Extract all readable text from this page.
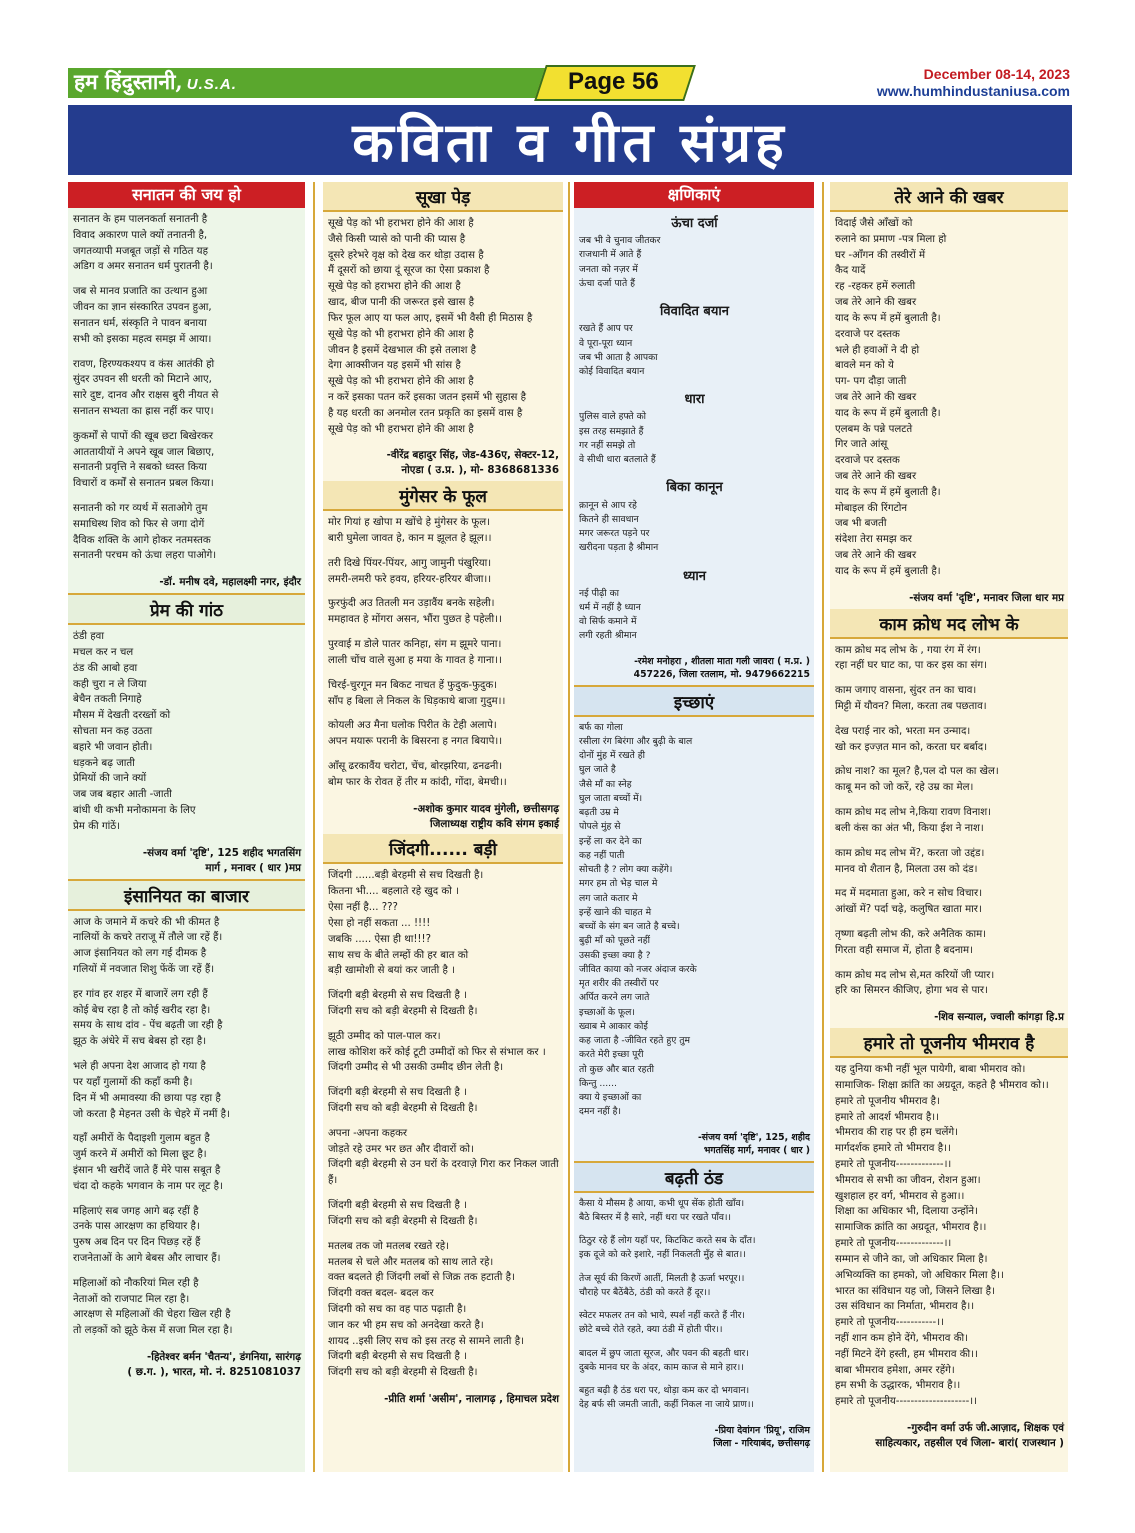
हम हिंदुस्तानी, U.S.A.	Page 56	December 08-14, 2023
www.humhindustaniusa.com
कविता व गीत संग्रह
सनातन की जय हो
सनातन के हम पालनकर्ता सनातनी है
विवाद अकारण पाले क्यों तनातनी है,
जगतव्यापी मजबूत जड़ों से गठित यह
अडिग व अमर सनातन धर्म पुरातनी है।
जब से मानव प्रजाति का उत्थान हुआ
जीवन का ज्ञान संस्कारित उपवन हुआ,
सनातन धर्म, संस्कृति ने पावन बनाया
सभी को इसका महत्व समझ में आया।
रावण, हिरण्यकश्यप व कंस आतंकी हो
सुंदर उपवन सी धरती को मिटाने आए,
सारे दुष्ट, दानव और राक्षस बुरी नीयत से
सनातन सभ्यता का ह्रास नहीं कर पाए।
कुकर्मों से पापों की खूब छटा बिखेरकर
आततायीयों ने अपने खूब जाल बिछाए,
सनातनी प्रवृत्ति ने सबको ध्वस्त किया
विचारों व कर्मों से सनातन प्रबल किया।
सनातनी को गर व्यर्थ में सताओगे तुम
समाधिस्थ शिव को फिर से जगा दोगें
दैविक शक्ति के आगे होकर नतमस्तक
सनातनी परचम को ऊंचा लहरा पाओगे।
-डॉ. मनीष दवे, महालक्ष्मी नगर, इंदौर
प्रेम की गांठ
ठंडी हवा
मचल कर न चल
ठंड की आबो हवा
कही चुरा न ले जिया
बेचैन तकती निगाहे
मौसम में देखती दरख्तों को
सोचता मन कह उठता
बहारे भी जवान होती।
धड़कने बढ़ जाती
प्रेमियों की जाने क्यों
जब जब बहार आती -जाती
बांधी थी कभी मनोकामना के लिए
प्रेम की गांठें।
-संजय वर्मा 'दृष्टि', 125 शहीद भगतसिंग
मार्ग , मनावर ( धार )मप्र
इंसानियत का बाजार
आज के जमाने में कचरे की भी कीमत है
नालियों के कचरे तराजू में तौले जा रहें हैं।
आज इंसानियत को लग गई दीमक है
गलियों में नवजात शिशु फेंकें जा रहें हैं।
हर गांव हर शहर में बाजारें लग रही हैं
कोई बेच रहा है तो कोई खरीद रहा है।
समय के साथ दांव - पेंच बढ़ती जा रही है
झूठ के अंधेरे में सच बेबस हो रहा है।
भले ही अपना देश आजाद हो गया है
पर यहाँ गुलामों की कहाँ कमी है।
दिन में भी अमावस्या की छाया पड़ रहा है
जो करता है मेहनत उसी के चेहरे में नमीं है।
यहाँ अमीरों के पैदाइशी गुलाम बहुत है
जुर्म करने में अमीरों को मिला छूट है।
इंसान भी खरीदें जाते हैं मेरे पास सबूत है
चंदा दो कहके भगवान के नाम पर लूट है।
महिलाएं सब जगह आगे बढ़ रहीं है
उनके पास आरक्षण का हथियार है।
पुरुष अब दिन पर दिन पिछड़ रहें हैं
राजनेताओं के आगे बेबस और लाचार हैं।
महिलाओं को नौकरियां मिल रही है
नेताओं को राजपाट मिल रहा है।
आरक्षण से महिलाओं की चेहरा खिल रही है
तो लड़कों को झूठे केस में सजा मिल रहा है।
-हितेश्वर बर्मन 'चैतन्य', डंगनिया, सारंगढ़
( छ.ग. ), भारत, मो. नं. 8251081037
सूखा पेड़
सूखे पेड़ को भी हराभरा होने की आश है
जैसे किसी प्यासे को पानी की प्यास है
दूसरे हरेभरे वृक्ष को देख कर थोड़ा उदास है
मैं दूसरों को छाया दूं सूरज का ऐसा प्रकाश है
सूखे पेड़ को हराभरा होने की आश है
खाद, बीज पानी की जरूरत इसे खास है
फिर फूल आए या फल आए, इसमें भी वैसी ही मिठास है
सूखे पेड़ को भी हराभरा होने की आश है
जीवन है इसमें देखभाल की इसे तलाश है
देगा आक्सीजन यह इसमें भी सांस है
सूखे पेड़ को भी हराभरा होने की आश है
न करें इसका पतन करें इसका जतन इसमें भी सुहास है
है यह धरती का अनमोल रतन प्रकृति का इसमें वास है
सूखे पेड़ को भी हराभरा होने की आश है
-वीरेंद्र बहादुर सिंह, जेड-436ए, सेक्टर-12,
नोएडा ( उ.प्र. ), मो- 8368681336
मुंगेसर के फूल
मोर गियां ह खोपा म खोंचे हे मुंगेसर के फूल।
बारी घुमेला जावत हे, कान म झूलत हे झूल।।
तरी दिखे पिंयर-पिंयर, आगु जामुनी पंखुरिया।
लमरी-लमरी फरे हवय, हरियर-हरियर बीजा।।
फुरफुंदी अउ तितली मन उड़ावैंय बनके सहेली।
ममहावत हे मोंगरा असन, भौंरा पुछत हे पहेली।।
पुरवाई म डोले पातर कनिहा, संग म झूमरे पाना।
लाली चोंच वाले सुआ ह मया के गावत हे गाना।।
चिरई-चुरगून मन बिकट नाचत हें फुदुक-फुदुक।
साँप ह बिला ले निकल के धिड़काथे बाजा गुदुम।।
कोयली अउ मैना घलोक पिरीत के टेही अलापे।
अपन मयारू परानी के बिसरना ह नगत बियापे।।
आँसू ढरकावैंय चरोटा, चेंच, बोरझरिया, ढनढनी।
बोम फार के रोवत हें तीर म कांदी, गोंदा, बेमची।।
-अशोक कुमार यादव मुंगेली, छत्तीसगढ़
जिलाध्यक्ष राष्ट्रीय कवि संगम इकाई
जिंदगी...... बड़ी
जिंदगी ......बड़ी बेरहमी से सच दिखती है।
कितना भी.... बहलाते रहे खुद को ।
ऐसा नहीं है... ???
ऐसा हो नहीं सकता ... !!!!
जबकि ..... ऐसा ही था!!!?
साथ सच के बीते लम्हों की हर बात को
बड़ी खामोशी से बयां कर जाती है ।
जिंदगी बड़ी बेरहमी से सच दिखती है ।
जिंदगी सच को बड़ी बेरहमी से दिखती है।
झूठी उम्मीद को पाल-पाल कर।
लाख कोशिश करें कोई टूटी उम्मीदों को फिर से संभाल कर ।
जिंदगी उम्मीद से भी उसकी उम्मीद छीन लेती है।
जिंदगी बड़ी बेरहमी से सच दिखती है ।
जिंदगी सच को बड़ी बेरहमी से दिखती है।
अपना -अपना कहकर
जोड़ते रहे उमर भर छत और दीवारों को।
जिंदगी बड़ी बेरहमी से उन घरों के दरवाज़े गिरा कर निकल जाती हैं।
जिंदगी बड़ी बेरहमी से सच दिखती है ।
जिंदगी सच को बड़ी बेरहमी से दिखती है।
मतलब तक जो मतलब रखते रहे।
मतलब से चले और मतलब को साथ लाते रहे।
वक्त बदलते ही जिंदगी लबों से जिक्र तक हटाती है।
जिंदगी वक्त बदल- बदल कर
जिंदगी को सच का वह पाठ पढ़ाती है।
जान कर भी हम सच को अनदेखा करते है।
शायद ..इसी लिए सच को इस तरह से सामने लाती है।
जिंदगी बड़ी बेरहमी से सच दिखती है ।
जिंदगी सच को बड़ी बेरहमी से दिखती है।
-प्रीति शर्मा 'असीम', नालागढ़ , हिमाचल प्रदेश
क्षणिकाएं
ऊंचा दर्जा
जब भी वे चुनाव जीतकर
राजधानी में आते हैं
जनता को नज़र में
ऊंचा दर्जा पाते हैं
विवादित बयान
रखते हैं आप पर
वे पूरा-पूरा ध्यान
जब भी आता है आपका
कोई विवादित बयान
धारा
पुलिस वाले हफ्ते को
इस तरह समझाते हैं
गर नहीं समझे तो
वे सीधी धारा बतलाते हैं
बिका कानून
क़ानून से आप रहे
कितने ही सावधान
मगर जरूरत पड़ने पर
खरीदना पड़ता है श्रीमान
ध्यान
नई पीढ़ी का
धर्म में नहीं है ध्यान
वो सिर्फ कमाने में
लगी रहती श्रीमान
-रमेश मनोहरा , शीतला माता गली जावरा ( म.प्र. )
457226, जिला रतलाम, मो. 9479662215
इच्छाएं
बर्फ का गोला
रसीला रंग बिरंगा और बुढ़ी के बाल
दोनों मुंह में रखते ही
घुल जाते है
जैसे माँ का स्नेह
घुल जाता बच्चों में।
बढ़ती उम्र मे
पोपले मुंह से
इन्हें ला कर देने का
कह नहीं पाती
सोचती है ? लोग क्या कहेंगे।
मगर हम तो भेड़ चाल मे
लग जाते कतार मे
इन्हें खाने की चाहत मे
बच्चों के संग बन जाते है बच्चे।
बुढ़ी माँ को पूछते नहीं
उसकी इच्छा क्या है ?
जीवित काया को नजर अंदाज करके
मृत शरीर की तस्वीरों पर
अर्पित करने लग जाते
इच्छाओं के फूल।
ख्वाब मे आकार कोई
कह जाता है -जीवित रहते हुए तुम
करते मेरी इच्छा पूरी
तो कुछ और बात रहती
किन्तु ......
क्या ये इच्छाओं का
दमन नहीं है।
-संजय वर्मा 'दृष्टि', 125, शहीद
भगतसिंह मार्ग, मनावर ( धार )
बढ़ती ठंड
कैसा ये मौसम है आया, कभी धूप सेंक होती खाँव।
बैठे बिस्तर में है सारे, नहीं धरा पर रखते पाँव।।
ठिठुर रहे हैं लोग यहाँ पर, किटकिट करते सब के दाँत।
इक दूजे को करे इशारे, नहीं निकलती मुँह से बात।।
तेज सूर्य की किरणें आतीं, मिलती है ऊर्जा भरपूर।।
चौराहे पर बैठेंबैठे, ठंडी को करते हैं दूर।।
स्वेटर मफलर तन को भाये, स्पर्श नहीं करते हैं नीर।
छोटे बच्चे रोते रहते, क्या ठंडी में होती पीर।।
बादल में छुप जाता सूरज, और पवन की बहती धार।
दुबके मानव घर के अंदर, काम काज से माने हार।।
बहुत बढ़ी है ठंड धरा पर, थोड़ा कम कर दो भगवान।
देह बर्फ सी जमती जाती, कहीं निकल ना जाये प्राण।।
-प्रिया देवांगन 'प्रियू', राजिम
जिला - गरियाबंद, छत्तीसगढ़
तेरे आने की खबर
विदाई जैसे आँखों को
रुलाने का प्रमाण -पत्र मिला हो
घर -आँगन की तस्वीरों में
कैद यादें
रह -रहकर हमें रुलाती
जब तेरे आने की खबर
याद के रूप में हमें बुलाती है।
दरवाजे पर दस्तक
भले ही हवाओं ने दी हो
बावले मन को ये
पग- पग दौड़ा जाती
जब तेरे आने की खबर
याद के रूप में हमें बुलाती है।
एलबम के पन्ने पलटते
गिर जाते आंसू
दरवाजे पर दस्तक
जब तेरे आने की खबर
याद के रूप में हमें बुलाती है।
मोबाइल की रिंगटोन
जब भी बजती
संदेशा तेरा समझ कर
जब तेरे आने की खबर
याद के रूप में हमें बुलाती है।
-संजय वर्मा 'दृष्टि', मनावर जिला धार मप्र
काम क्रोध मद लोभ के
काम क्रोध मद लोभ के , गया रंग में रंग।
रहा नहीं घर घाट का, पा कर इस का संग।
काम जगाए वासना, सुंदर तन का चाव।
मिट्टी में यौवन? मिला, करता तब पछताव।
देख पराई नार को, भरता मन उन्माद।
खो कर इज्ज़त मान को, करता घर बर्बाद।
क्रोध नाश? का मूल? है,पल दो पल का खेल।
काबू मन को जो करें, रहे उम्र का मेल।
काम क्रोध मद लोभ ने,किया रावण विनाश।
बली कंस का अंत भी, किया ईश ने नाश।
काम क्रोध मद लोभ में?, करता जो उद्दंड।
मानव वो शैतान है, मिलता उस को दंड।
मद में मदमाता हुआ, करे न सोच विचार।
आंखों में? पर्दा चढ़े, कलुषित खाता मार।
तृष्णा बढ़ती लोभ की, करे अनैतिक काम।
गिरता वही समाज में, होता है बदनाम।
काम क्रोध मद लोभ से,मत करियों जी प्यार।
हरि का सिमरन कीजिए, होगा भव से पार।
-शिव सन्याल, ज्वाली कांगड़ा हि.प्र
हमारे तो पूजनीय भीमराव है
यह दुनिया कभी नहीं भूल पायेगी, बाबा भीमराव को।
सामाजिक- शिक्षा क्रांति का अग्रदूत, कहते है भीमराव को।।
हमारे तो पूजनीय भीमराव है।
हमारे तो आदर्श भीमराव है।।
भीमराव की राह पर ही हम चलेंगे।
मार्गदर्शक हमारे तो भीमराव है।।
हमारे तो पूजनीय-------------।।
भीमराव से सभी का जीवन, रोशन हुआ।
खुशहाल हर वर्ग, भीमराव से हुआ।।
शिक्षा का अधिकार भी, दिलाया उन्होंने।
सामाजिक क्रांति का अग्रदूत, भीमराव है।।
हमारे तो पूजनीय-------------।।
सम्मान से जीने का, जो अधिकार मिला है।
अभिव्यक्ति का हमको, जो अधिकार मिला है।।
भारत का संविधान यह जो, जिसने लिखा है।
उस संविधान का निर्माता, भीमराव है।।
हमारे तो पूजनीय-----------।।
नहीं शान कम होने देंगे, भीमराव की।
नहीं मिटने देंगे हस्ती, हम भीमराव की।।
बाबा भीमराव हमेशा, अमर रहेंगे।
हम सभी के उद्धारक, भीमराव है।।
हमारे तो पूजनीय--------------------।।
-गुरुदीन वर्मा उर्फ जी.आज़ाद, शिक्षक एवं
साहित्यकार, तहसील एवं जिला- बारां( राजस्थान )
